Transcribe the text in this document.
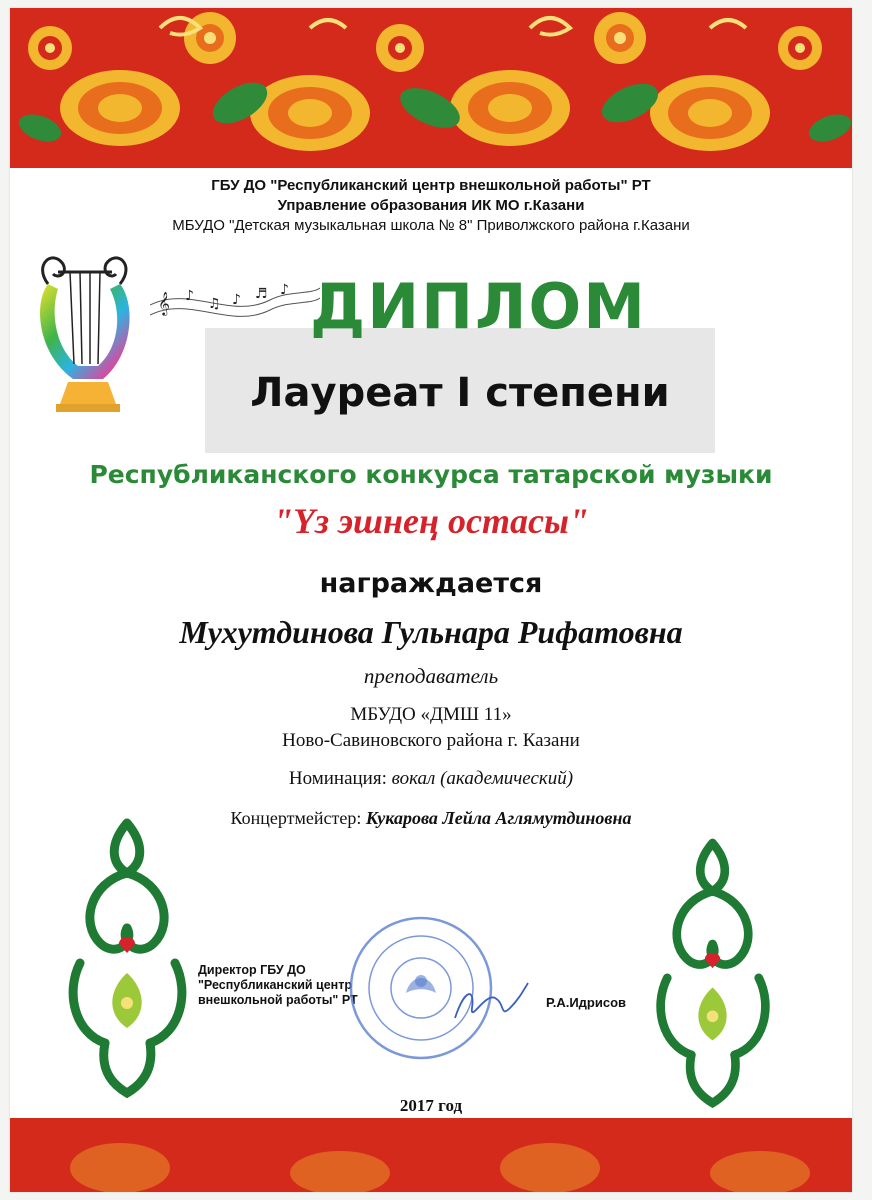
ГБУ ДО "Республиканский центр внешкольной работы" РТ
Управление образования ИК МО г.Казани
МБУДО "Детская музыкальная школа № 8" Приволжского района г.Казани
𝄞 ♪ ♫ ♪ ♬ ♪ ДИПЛОМ
Лауреат I степени
Республиканского конкурса татарской музыки
"Үз эшнең остасы"
награждается
Мухутдинова Гульнара Рифатовна
преподаватель
МБУДО «ДМШ 11»
Ново-Савиновского района г. Казани
Номинация: вокал (академический)
Концертмейстер: Кукарова Лейла Аглямутдиновна
Директор ГБУ ДО
"Республиканский центр
внешкольной работы" РТ	Р.А.Идрисов
2017 год
